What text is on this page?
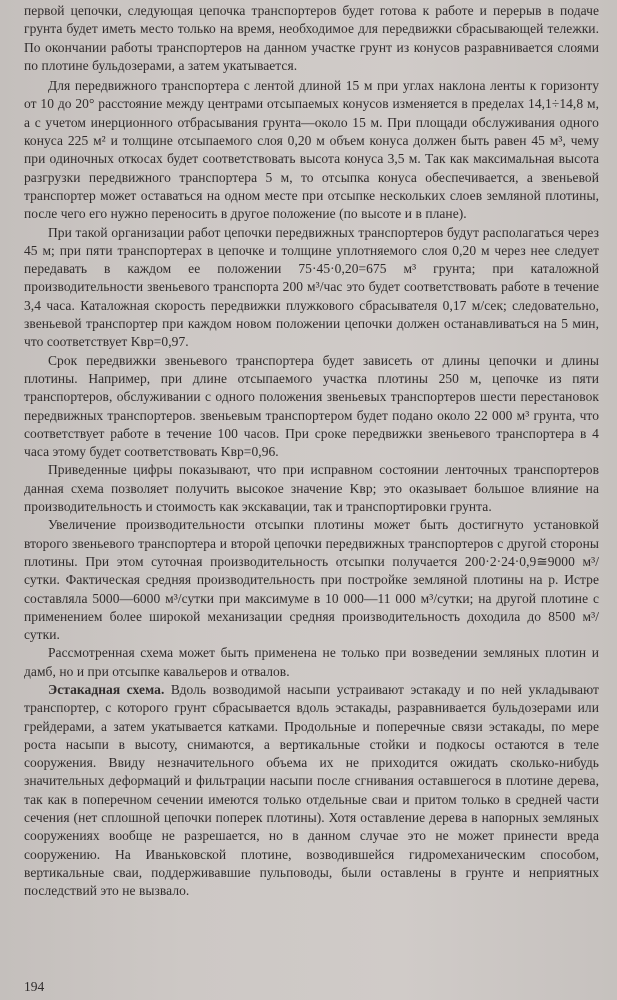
первой цепочки, следующая цепочка транспортеров будет готова к работе и перерыв в подаче грунта будет иметь место только на время, необходимое для передвижки сбрасывающей тележки. По окончании работы транспортеров на данном участке грунт из конусов разравнивается слоями по плотине бульдозерами, а затем укатывается.

Для передвижного транспортера с лентой длиной 15 м при углах наклона ленты к горизонту от 10 до 20° расстояние между центрами отсыпаемых конусов изменяется в пределах 14,1÷14,8 м, а с учетом инерционного отбрасывания грунта—около 15 м. При площади обслуживания одного конуса 225 м² и толщине отсыпаемого слоя 0,20 м объем конуса должен быть равен 45 м³, чему при одиночных откосах будет соответствовать высота конуса 3,5 м. Так как максимальная высота разгрузки передвижного транспортера 5 м, то отсыпка конуса обеспечивается, а звеньевой транспортер может оставаться на одном месте при отсыпке нескольких слоев земляной плотины, после чего его нужно переносить в другое положение (по высоте и в плане).

При такой организации работ цепочки передвижных транспортеров будут располагаться через 45 м; при пяти транспортерах в цепочке и толщине уплотняемого слоя 0,20 м через нее следует передавать в каждом ее положении 75·45·0,20=675 м³ грунта; при каталожной производительности звеньевого транспорта 200 м³/час это будет соответствовать работе в течение 3,4 часа. Каталожная скорость передвижки плужкового сбрасывателя 0,17 м/сек; следовательно, звеньевой транспортер при каждом новом положении цепочки должен останавливаться на 5 мин, что соответствует Kвр=0,97.

Срок передвижки звеньевого транспортера будет зависеть от длины цепочки и длины плотины. Например, при длине отсыпаемого участка плотины 250 м, цепочке из пяти транспортеров, обслуживании с одного положения звеньевых транспортеров шести перестановок передвижных транспортеров. звеньевым транспортером будет подано около 22 000 м³ грунта, что соответствует работе в течение 100 часов. При сроке передвижки звеньевого транспортера в 4 часа этому будет соответствовать Kвр=0,96.

Приведенные цифры показывают, что при исправном состоянии ленточных транспортеров данная схема позволяет получить высокое значение Kвр; это оказывает большое влияние на производительность и стоимость как экскавации, так и транспортировки грунта.

Увеличение производительности отсыпки плотины может быть достигнуто установкой второго звеньевого транспортера и второй цепочки передвижных транспортеров с другой стороны плотины. При этом суточная производительность отсыпки получается 200·2·24·0,9≅9000 м³/сутки. Фактическая средняя производительность при постройке земляной плотины на р. Истре составляла 5000—6000 м³/сутки при максимуме в 10 000—11 000 м³/сутки; на другой плотине с применением более широкой механизации средняя производительность доходила до 8500 м³/сутки.

Рассмотренная схема может быть применена не только при возведении земляных плотин и дамб, но и при отсыпке кавальеров и отвалов.

Эстакадная схема. Вдоль возводимой насыпи устраивают эстакаду и по ней укладывают транспортер, с которого грунт сбрасывается вдоль эстакады, разравнивается бульдозерами или грейдерами, а затем укатывается катками. Продольные и поперечные связи эстакады, по мере роста насыпи в высоту, снимаются, а вертикальные стойки и подкосы остаются в теле сооружения. Ввиду незначительного объема их не приходится ожидать сколько-нибудь значительных деформаций и фильтрации насыпи после сгнивания оставшегося в плотине дерева, так как в поперечном сечении имеются только отдельные сваи и притом только в средней части сечения (нет сплошной цепочки поперек плотины). Хотя оставление дерева в напорных земляных сооружениях вообще не разрешается, но в данном случае это не может принести вреда сооружению. На Иваньковской плотине, возводившейся гидромеханическим способом, вертикальные сваи, поддерживавшие пульповоды, были оставлены в грунте и неприятных последствий это не вызвало.

194
